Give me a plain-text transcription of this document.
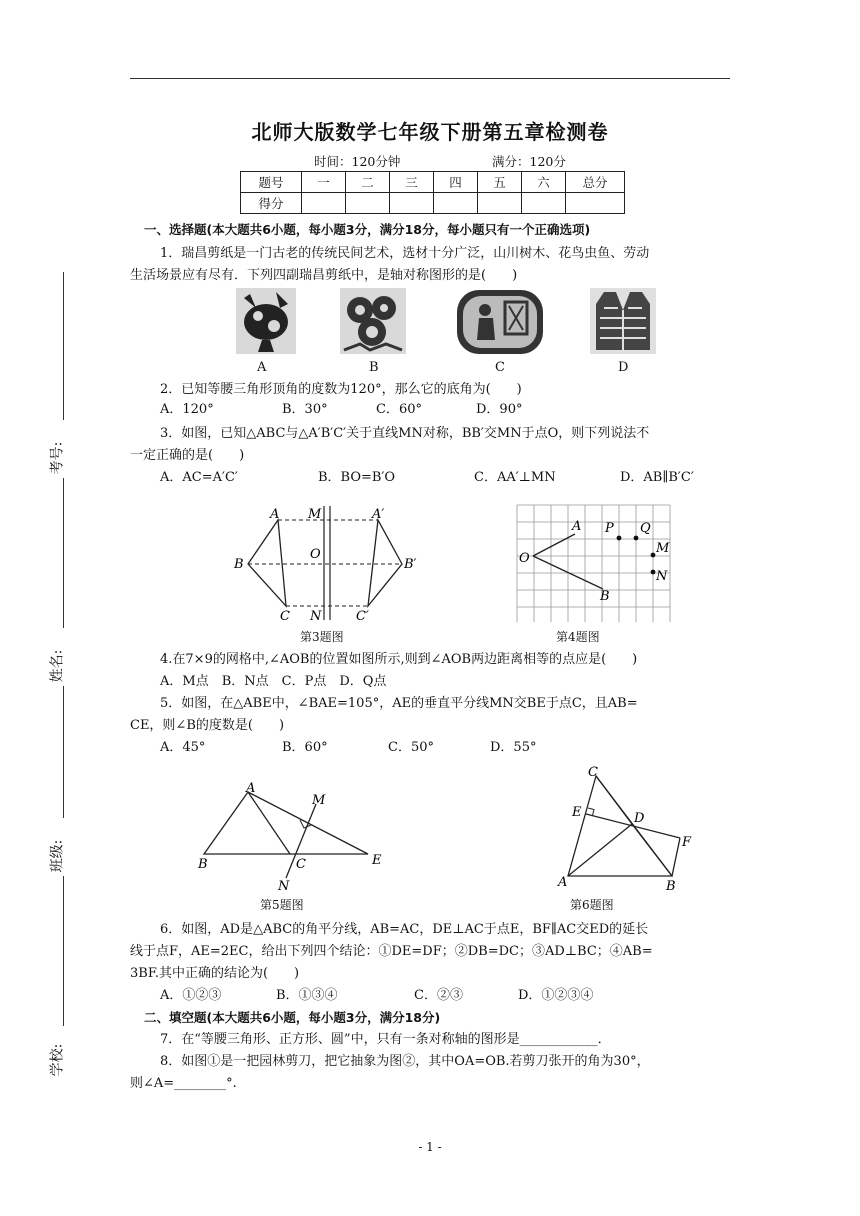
北师大版数学七年级下册第五章检测卷
时间：120分钟	满分：120分
题号	一	二	三	四	五	六	总分
得分							
考号:
姓名:
班级:
学校:
一、选择题(本大题共6小题，每小题3分，满分18分，每小题只有一个正确选项)
1．瑞昌剪纸是一门古老的传统民间艺术，选材十分广泛，山川树木、花鸟虫鱼、劳动
生活场景应有尽有．下列四副瑞昌剪纸中，是轴对称图形的是(　　)
A	B	C	D
2．已知等腰三角形顶角的度数为120°，那么它的底角为(　　)
A．120°	B．30°	C．60°	D．90°
3．如图，已知△ABC与△A′B′C′关于直线MN对称，BB′交MN于点O，则下列说法不
一定正确的是(　　)
A．AC=A′C′	B．BO=B′O	C．AA′⊥MN	D．AB∥B′C′
A M	A′
B
O
B′
C N	C′
第3题图
A
O
B
P Q
M
N
第4题图
4.在7×9的网格中,∠AOB的位置如图所示,则到∠AOB两边距离相等的点应是(　　)
A．M点　B．N点　C．P点　D．Q点
5．如图，在△ABE中，∠BAE=105°，AE的垂直平分线MN交BE于点C，且AB=
CE，则∠B的度数是(　　)
A．45°	B．60°	C．50°	D．55°
A
M
B	C	E
N
第5题图
C
E	D
F
A	B
第6题图
6．如图，AD是△ABC的角平分线，AB=AC，DE⊥AC于点E，BF∥AC交ED的延长
线于点F，AE=2EC，给出下列四个结论：①DE=DF；②DB=DC；③AD⊥BC；④AB=
3BF.其中正确的结论为(　　)
A．①②③	B．①③④	C．②③	D．①②③④
二、填空题(本大题共6小题，每小题3分，满分18分)
7．在“等腰三角形、正方形、圆”中，只有一条对称轴的图形是____________．
8．如图①是一把园林剪刀，把它抽象为图②，其中OA=OB.若剪刀张开的角为30°，
则∠A=________°.
- 1 -
